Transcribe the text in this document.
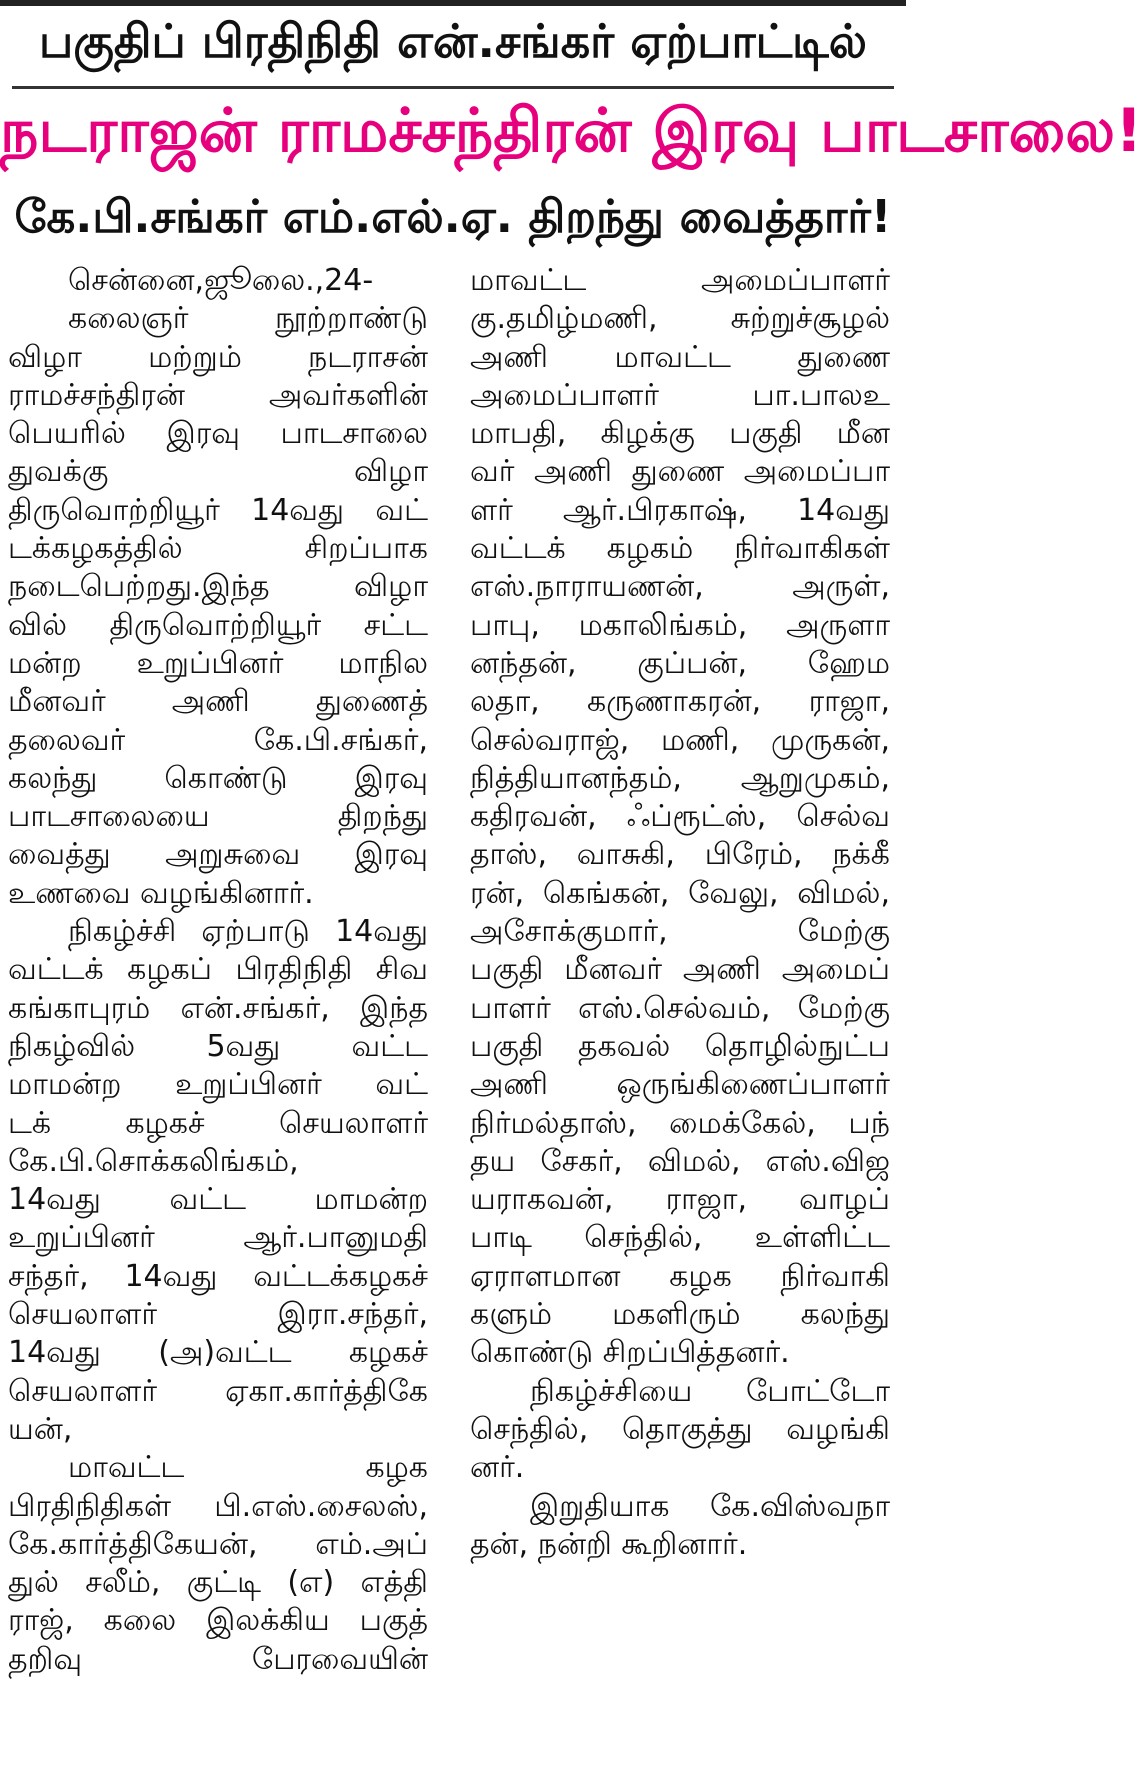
பகுதிப் பிரதிநிதி என்.சங்கர் ஏற்பாட்டில்
நடராஜன் ராமச்சந்திரன் இரவு பாடசாலை!
கே.பி.சங்கர் எம்.எல்.ஏ. திறந்து வைத்தார்!
சென்னை,ஜூலை.,24-
கலைஞர் நூற்றாண்டு
விழா மற்றும் நடராசன்
ராமச்சந்திரன் அவர்களின்
பெயரில் இரவு பாடசாலை
துவக்கு விழா
திருவொற்றியூர் 14வது வட்
டக்கழகத்தில் சிறப்பாக
நடைபெற்றது.இந்த விழா
வில் திருவொற்றியூர் சட்ட
மன்ற உறுப்பினர் மாநில
மீனவர் அணி துணைத்
தலைவர் கே.பி.சங்கர்,
கலந்து கொண்டு இரவு
பாடசாலையை திறந்து
வைத்து அறுசுவை இரவு
உணவை வழங்கினார்.
நிகழ்ச்சி ஏற்பாடு 14வது
வட்டக் கழகப் பிரதிநிதி சிவ
கங்காபுரம் என்.சங்கர், இந்த
நிகழ்வில் 5வது வட்ட
மாமன்ற உறுப்பினர் வட்
டக் கழகச் செயலாளர்
கே.பி.சொக்கலிங்கம்,
14வது வட்ட மாமன்ற
உறுப்பினர் ஆர்.பானுமதி
சந்தர், 14வது வட்டக்கழகச்
செயலாளர் இரா.சந்தர்,
14வது (அ)வட்ட கழகச்
செயலாளர் ஏகா.கார்த்திகே
யன்,
மாவட்ட கழக
பிரதிநிதிகள் பி.எஸ்.சைலஸ்,
கே.கார்த்திகேயன், எம்.அப்
துல் சலீம், குட்டி (எ) எத்தி
ராஜ், கலை இலக்கிய பகுத்
தறிவு பேரவையின்
மாவட்ட அமைப்பாளர்
கு.தமிழ்மணி, சுற்றுச்சூழல்
அணி மாவட்ட துணை
அமைப்பாளர் பா.பாலஉ
மாபதி, கிழக்கு பகுதி மீன
வர் அணி துணை அமைப்பா
ளர் ஆர்.பிரகாஷ், 14வது
வட்டக் கழகம் நிர்வாகிகள்
எஸ்.நாராயணன், அருள்,
பாபு, மகாலிங்கம், அருளா
னந்தன், குப்பன், ஹேம
லதா, கருணாகரன், ராஜா,
செல்வராஜ், மணி, முருகன்,
நித்தியானந்தம், ஆறுமுகம்,
கதிரவன், ஃப்ரூட்ஸ், செல்வ
தாஸ், வாசுகி, பிரேம், நக்கீ
ரன், கெங்கன், வேலு, விமல்,
அசோக்குமார், மேற்கு
பகுதி மீனவர் அணி அமைப்
பாளர் எஸ்.செல்வம், மேற்கு
பகுதி தகவல் தொழில்நுட்ப
அணி ஒருங்கிணைப்பாளர்
நிர்மல்தாஸ், மைக்கேல், பந்
தய சேகர், விமல், எஸ்.விஜ
யராகவன், ராஜா, வாழப்
பாடி செந்தில், உள்ளிட்ட
ஏராளமான கழக நிர்வாகி
களும் மகளிரும் கலந்து
கொண்டு சிறப்பித்தனர்.
நிகழ்ச்சியை போட்டோ
செந்தில், தொகுத்து வழங்கி
னர்.
இறுதியாக கே.விஸ்வநா
தன், நன்றி கூறினார்.
